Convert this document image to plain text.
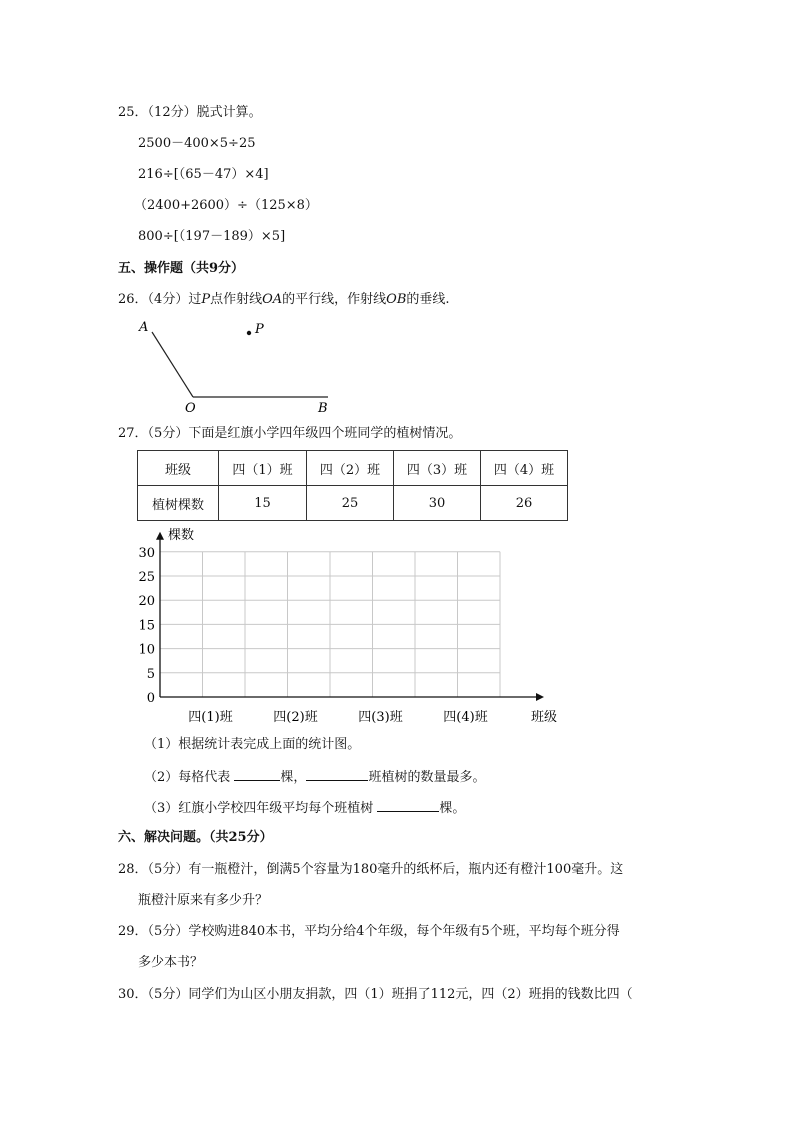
25．（12分）脱式计算。
2500－400×5÷25
216÷[（65－47）×4]
（2400+2600）÷（125×8）
800÷[（197－189）×5]
五、操作题（共9分）
26．（4分）过P点作射线OA的平行线，作射线OB的垂线.
A	P
O	B
27．（5分）下面是红旗小学四年级四个班同学的植树情况。
班级	四（1）班	四（2）班	四（3）班	四（4）班
植树棵数	15	25	30	26
0
5
10
15
20
25
30
棵数
四(1)班	四(2)班	四(3)班	四(4)班	班级
（1）根据统计表完成上面的统计图。
（2）每格代表	棵，	班植树的数量最多。
（3）红旗小学校四年级平均每个班植树	棵。
六、解决问题。（共25分）
28．（5分）有一瓶橙汁，倒满5个容量为180毫升的纸杯后，瓶内还有橙汁100毫升。这
瓶橙汁原来有多少升？
29．（5分）学校购进840本书，平均分给4个年级，每个年级有5个班，平均每个班分得
多少本书？
30．（5分）同学们为山区小朋友捐款，四（1）班捐了112元，四（2）班捐的钱数比四（
